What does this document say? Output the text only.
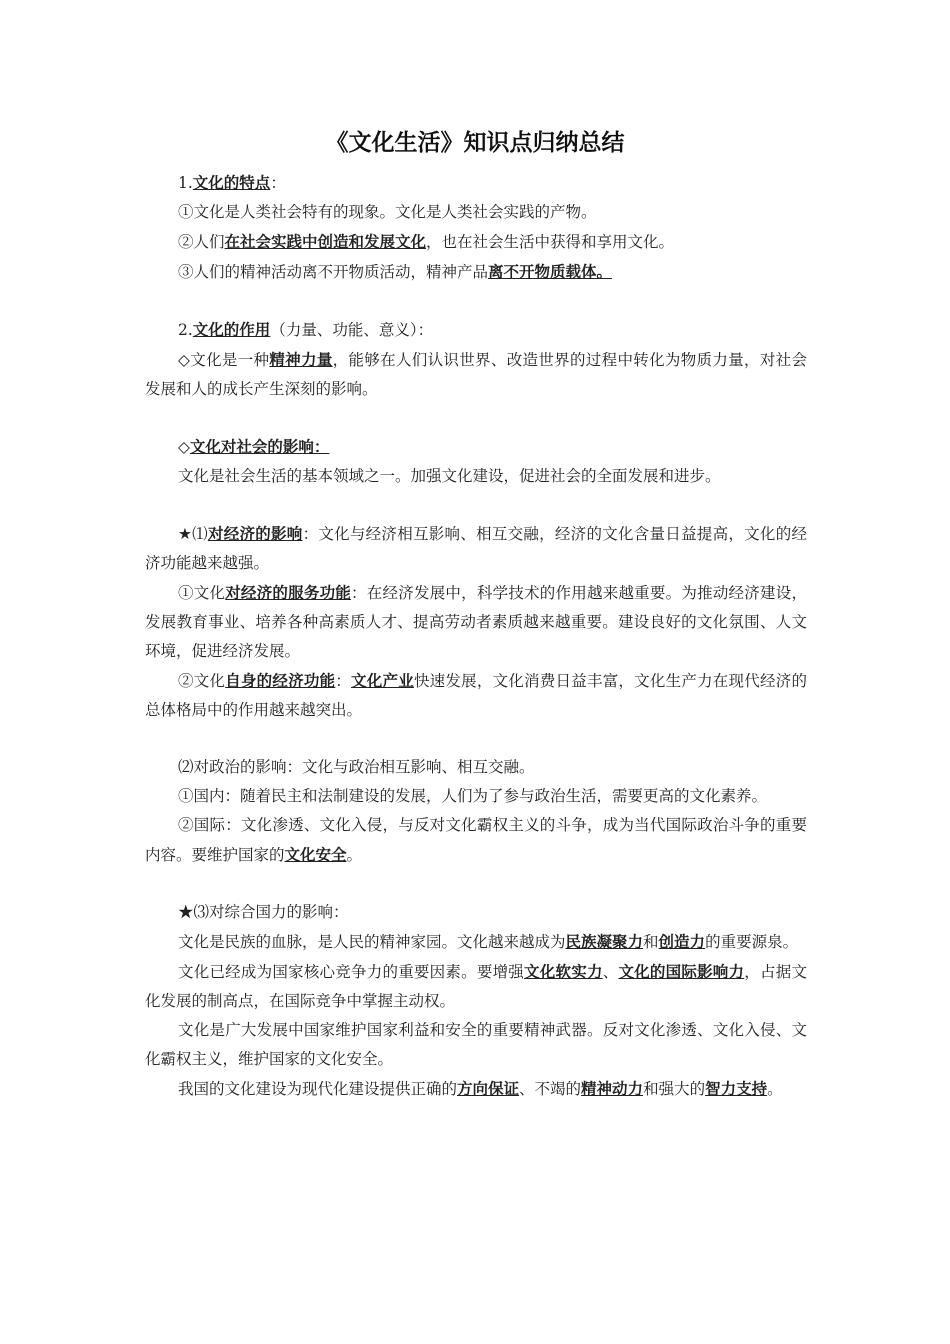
《文化生活》知识点归纳总结

1.文化的特点：

①文化是人类社会特有的现象。文化是人类社会实践的产物。

②人们在社会实践中创造和发展文化，也在社会生活中获得和享用文化。

③人们的精神活动离不开物质活动，精神产品离不开物质载体。

2.文化的作用（力量、功能、意义）：

◇文化是一种精神力量，能够在人们认识世界、改造世界的过程中转化为物质力量，对社会发展和人的成长产生深刻的影响。

◇文化对社会的影响：

文化是社会生活的基本领域之一。加强文化建设，促进社会的全面发展和进步。

★⑴对经济的影响：文化与经济相互影响、相互交融，经济的文化含量日益提高，文化的经济功能越来越强。

①文化对经济的服务功能：在经济发展中，科学技术的作用越来越重要。为推动经济建设，发展教育事业、培养各种高素质人才、提高劳动者素质越来越重要。建设良好的文化氛围、人文环境，促进经济发展。

②文化自身的经济功能：文化产业快速发展，文化消费日益丰富，文化生产力在现代经济的总体格局中的作用越来越突出。

⑵对政治的影响：文化与政治相互影响、相互交融。

①国内：随着民主和法制建设的发展，人们为了参与政治生活，需要更高的文化素养。

②国际：文化渗透、文化入侵，与反对文化霸权主义的斗争，成为当代国际政治斗争的重要内容。要维护国家的文化安全。

★⑶对综合国力的影响：

文化是民族的血脉，是人民的精神家园。文化越来越成为民族凝聚力和创造力的重要源泉。

文化已经成为国家核心竞争力的重要因素。要增强文化软实力、文化的国际影响力，占据文化发展的制高点，在国际竞争中掌握主动权。

文化是广大发展中国家维护国家利益和安全的重要精神武器。反对文化渗透、文化入侵、文化霸权主义，维护国家的文化安全。

我国的文化建设为现代化建设提供正确的方向保证、不竭的精神动力和强大的智力支持。
